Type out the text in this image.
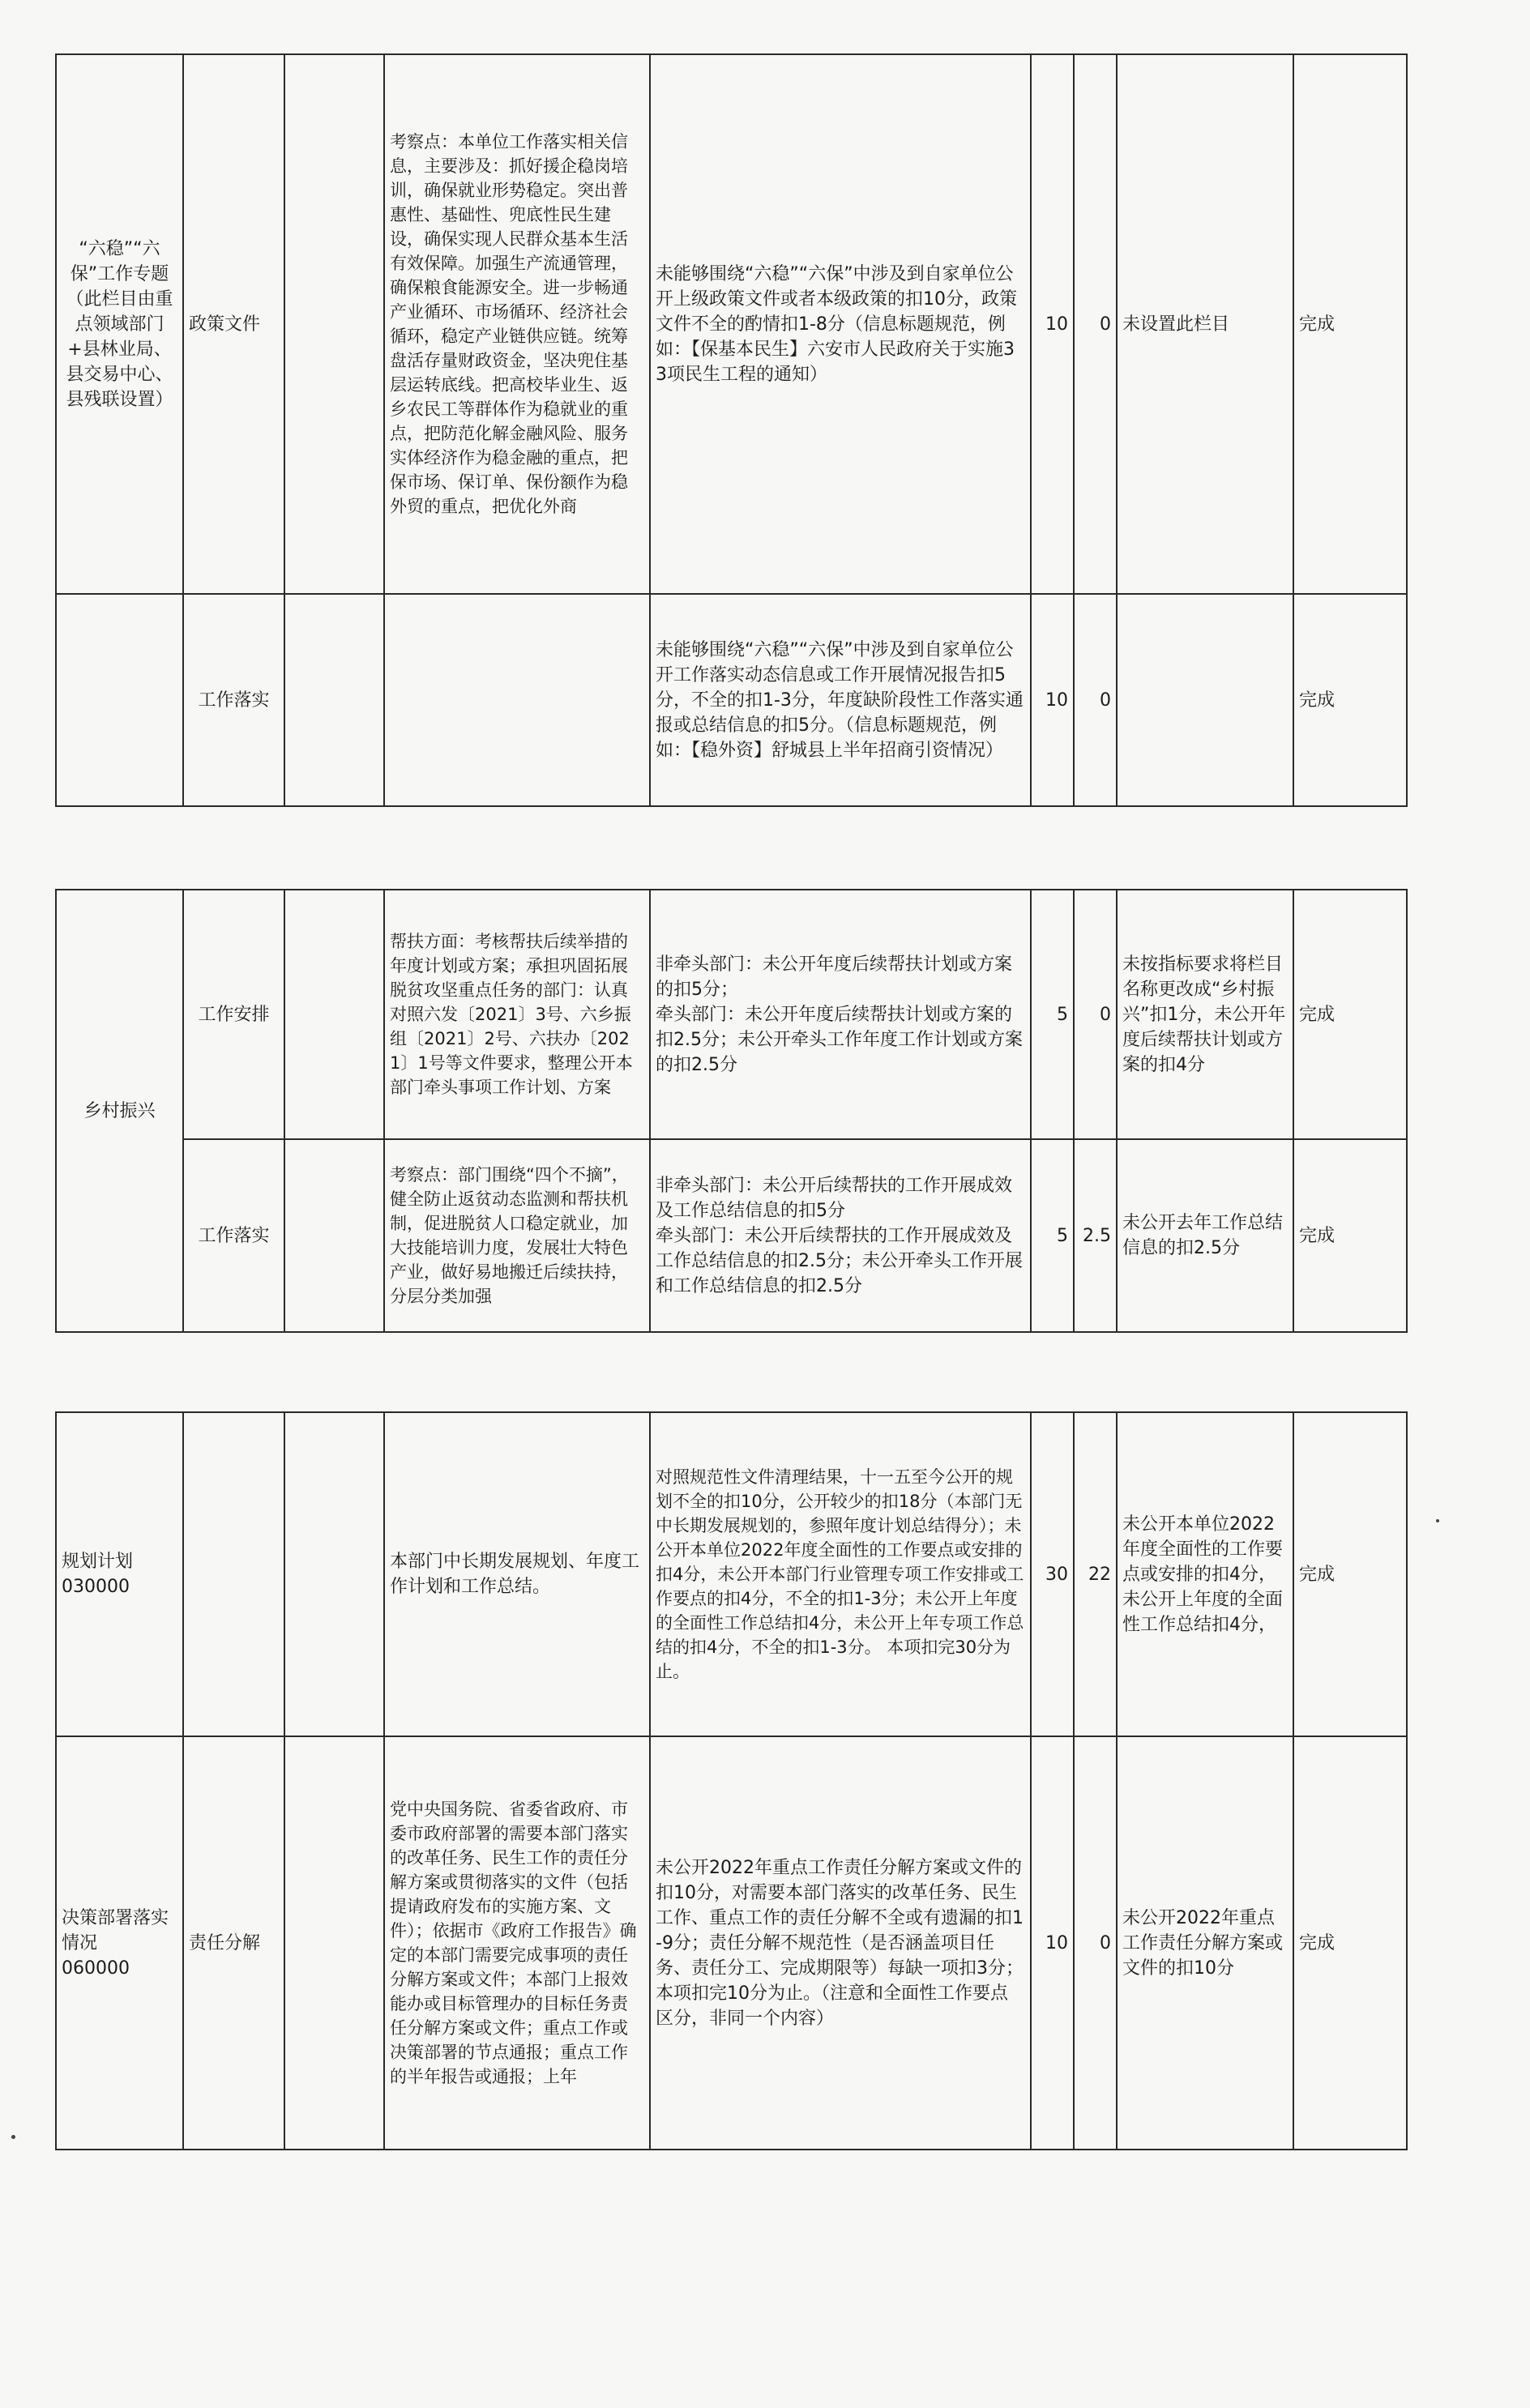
“六稳”“六保”工作专题（此栏目由重点领域部门+县林业局、县交易中心、县残联设置）	政策文件		考察点：本单位工作落实相关信息，主要涉及：抓好援企稳岗培训，确保就业形势稳定。突出普惠性、基础性、兜底性民生建设，确保实现人民群众基本生活有效保障。加强生产流通管理，确保粮食能源安全。进一步畅通产业循环、市场循环、经济社会循环，稳定产业链供应链。统筹盘活存量财政资金，坚决兜住基层运转底线。把高校毕业生、返乡农民工等群体作为稳就业的重点，把防范化解金融风险、服务实体经济作为稳金融的重点，把保市场、保订单、保份额作为稳外贸的重点，把优化外商	未能够围绕“六稳”“六保”中涉及到自家单位公开上级政策文件或者本级政策的扣10分，政策文件不全的酌情扣1-8分（信息标题规范，例如：【保基本民生】六安市人民政府关于实施33项民生工程的通知）	10	0	未设置此栏目	完成
	工作落实			未能够围绕“六稳”“六保”中涉及到自家单位公开工作落实动态信息或工作开展情况报告扣5分，不全的扣1-3分，年度缺阶段性工作落实通报或总结信息的扣5分。（信息标题规范，例如：【稳外资】舒城县上半年招商引资情况）	10	0		完成
乡村振兴	工作安排		帮扶方面：考核帮扶后续举措的年度计划或方案；承担巩固拓展脱贫攻坚重点任务的部门：认真对照六发〔2021〕3号、六乡振组〔2021〕2号、六扶办〔2021〕1号等文件要求，整理公开本部门牵头事项工作计划、方案	非牵头部门：未公开年度后续帮扶计划或方案的扣5分；
牵头部门：未公开年度后续帮扶计划或方案的扣2.5分；未公开牵头工作年度工作计划或方案的扣2.5分	5	0	未按指标要求将栏目名称更改成“乡村振兴”扣1分，未公开年度后续帮扶计划或方案的扣4分	完成
	工作落实		考察点：部门围绕“四个不摘”，健全防止返贫动态监测和帮扶机制，促进脱贫人口稳定就业，加大技能培训力度，发展壮大特色产业，做好易地搬迁后续扶持，分层分类加强	非牵头部门：未公开后续帮扶的工作开展成效及工作总结信息的扣5分
牵头部门：未公开后续帮扶的工作开展成效及工作总结信息的扣2.5分；未公开牵头工作开展和工作总结信息的扣2.5分	5	2.5	未公开去年工作总结信息的扣2.5分	完成
规划计划
030000			本部门中长期发展规划、年度工作计划和工作总结。	对照规范性文件清理结果，十一五至今公开的规划不全的扣10分，公开较少的扣18分（本部门无中长期发展规划的，参照年度计划总结得分）；未公开本单位2022年度全面性的工作要点或安排的扣4分，未公开本部门行业管理专项工作安排或工作要点的扣4分，不全的扣1-3分；未公开上年度的全面性工作总结扣4分，未公开上年专项工作总结的扣4分，不全的扣1-3分。 本项扣完30分为止。	30	22	未公开本单位2022年度全面性的工作要点或安排的扣4分，未公开上年度的全面性工作总结扣4分，	完成
决策部署落实情况
060000	责任分解		党中央国务院、省委省政府、市委市政府部署的需要本部门落实的改革任务、民生工作的责任分解方案或贯彻落实的文件（包括提请政府发布的实施方案、文件）；依据市《政府工作报告》确定的本部门需要完成事项的责任分解方案或文件；本部门上报效能办或目标管理办的目标任务责任分解方案或文件；重点工作或决策部署的节点通报；重点工作的半年报告或通报；上年	未公开2022年重点工作责任分解方案或文件的扣10分，对需要本部门落实的改革任务、民生工作、重点工作的责任分解不全或有遗漏的扣1-9分；责任分解不规范性（是否涵盖项目任务、责任分工、完成期限等）每缺一项扣3分；本项扣完10分为止。（注意和全面性工作要点区分，非同一个内容）	10	0	未公开2022年重点工作责任分解方案或文件的扣10分	完成
